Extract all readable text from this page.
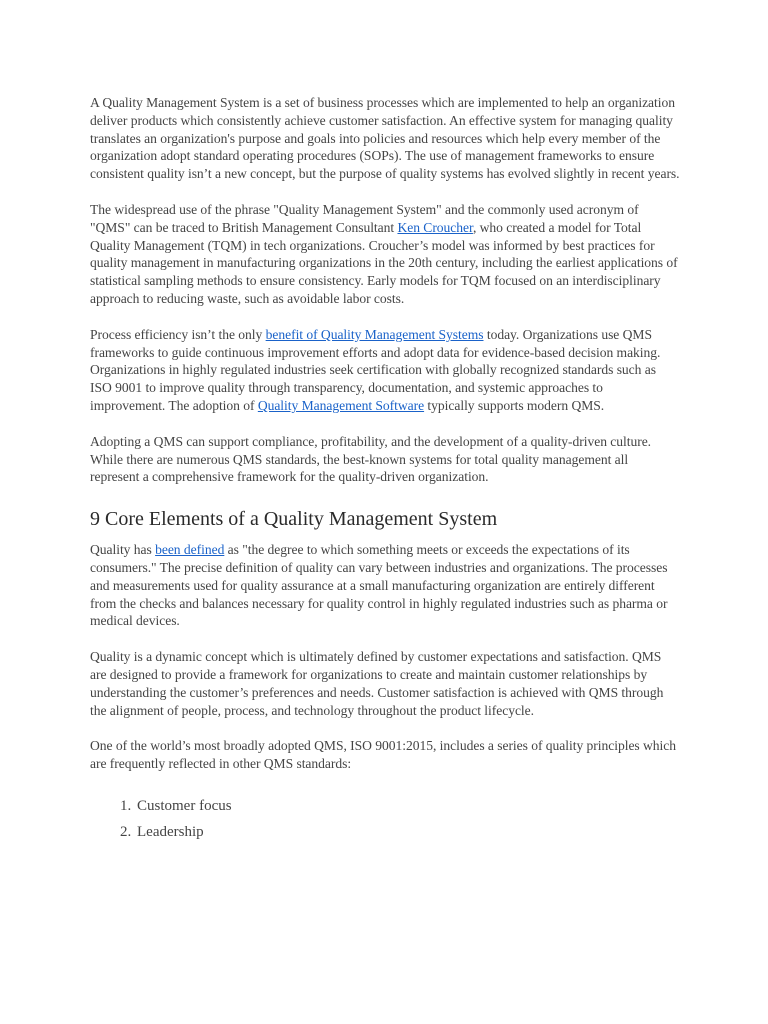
A Quality Management System is a set of business processes which are implemented to help an organization deliver products which consistently achieve customer satisfaction. An effective system for managing quality translates an organization's purpose and goals into policies and resources which help every member of the organization adopt standard operating procedures (SOPs). The use of management frameworks to ensure consistent quality isn’t a new concept, but the purpose of quality systems has evolved slightly in recent years.

The widespread use of the phrase "Quality Management System" and the commonly used acronym of "QMS" can be traced to British Management Consultant Ken Croucher, who created a model for Total Quality Management (TQM) in tech organizations. Croucher’s model was informed by best practices for quality management in manufacturing organizations in the 20th century, including the earliest applications of statistical sampling methods to ensure consistency. Early models for TQM focused on an interdisciplinary approach to reducing waste, such as avoidable labor costs.

Process efficiency isn’t the only benefit of Quality Management Systems today. Organizations use QMS frameworks to guide continuous improvement efforts and adopt data for evidence-based decision making. Organizations in highly regulated industries seek certification with globally recognized standards such as ISO 9001 to improve quality through transparency, documentation, and systemic approaches to improvement. The adoption of Quality Management Software typically supports modern QMS.

Adopting a QMS can support compliance, profitability, and the development of a quality-driven culture. While there are numerous QMS standards, the best-known systems for total quality management all represent a comprehensive framework for the quality-driven organization.

9 Core Elements of a Quality Management System

Quality has been defined as "the degree to which something meets or exceeds the expectations of its consumers." The precise definition of quality can vary between industries and organizations. The processes and measurements used for quality assurance at a small manufacturing organization are entirely different from the checks and balances necessary for quality control in highly regulated industries such as pharma or medical devices.

Quality is a dynamic concept which is ultimately defined by customer expectations and satisfaction. QMS are designed to provide a framework for organizations to create and maintain customer relationships by understanding the customer’s preferences and needs. Customer satisfaction is achieved with QMS through the alignment of people, process, and technology throughout the product lifecycle.

One of the world’s most broadly adopted QMS, ISO 9001:2015, includes a series of quality principles which are frequently reflected in other QMS standards:

1. Customer focus
2. Leadership
